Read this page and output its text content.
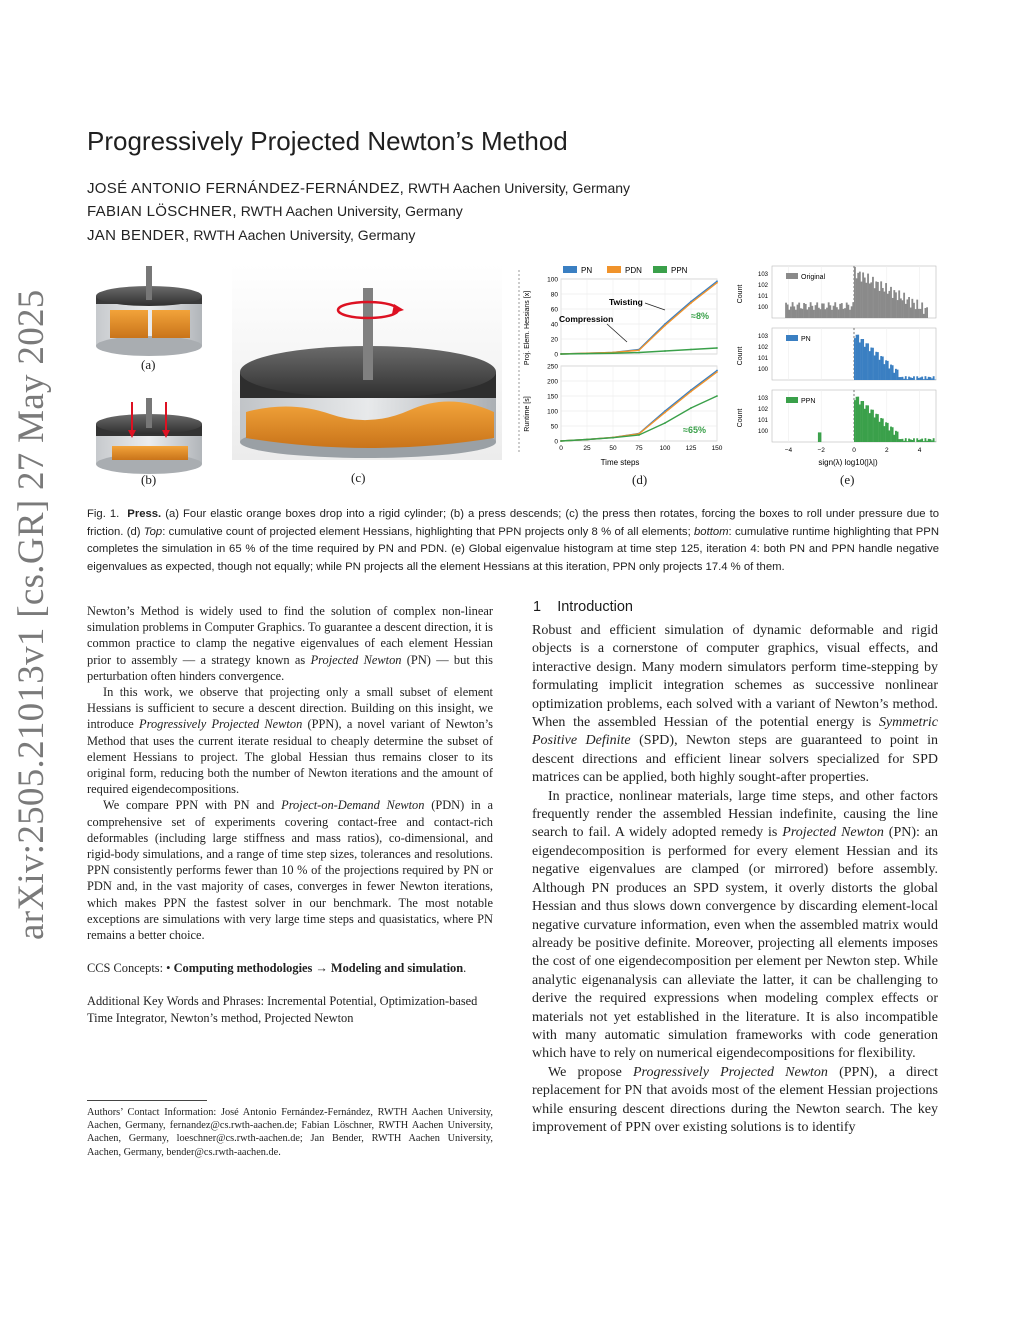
arXiv:2505.21013v1 [cs.GR] 27 May 2025
Progressively Projected Newton’s Method
JOSÉ ANTONIO FERNÁNDEZ-FERNÁNDEZ, RWTH Aachen University, Germany
FABIAN LÖSCHNER, RWTH Aachen University, Germany
JAN BENDER, RWTH Aachen University, Germany
(a)
(b)	(c)
PN	PDN	PPN
0
20
40
60
80
100
0
50
100
150
200
250
0	25	50	75	100 125 150
Time steps
Proj. Elem. Hessians [x]
Runtime [s]
Twisting
Compression	≈8%
≈65%
(d)
Original
103
102
101
100
Count
PN
103
102
101
100
Count
PPN
103
102
101
100
Count
−4	−2	0	2	4
sign(λ) log10(|λ|)
(e)
Fig. 1. Press. (a) Four elastic orange boxes drop into a rigid cylinder; (b) a press descends; (c) the press then rotates, forcing the boxes to roll under pressure due to friction. (d) Top: cumulative count of projected element Hessians, highlighting that PPN projects only 8 % of all elements; bottom: cumulative runtime highlighting that PPN completes the simulation in 65 % of the time required by PN and PDN. (e) Global eigenvalue histogram at time step 125, iteration 4: both PN and PPN handle negative eigenvalues as expected, though not equally; while PN projects all the element Hessians at this iteration, PPN only projects 17.4 % of them.

Newton’s Method is widely used to find the solution of complex non-linear simulation problems in Computer Graphics. To guarantee a descent direction, it is common practice to clamp the negative eigenvalues of each element Hessian prior to assembly — a strategy known as Projected Newton (PN) — but this perturbation often hinders convergence.

In this work, we observe that projecting only a small subset of element Hessians is sufficient to secure a descent direction. Building on this insight, we introduce Progressively Projected Newton (PPN), a novel variant of Newton’s Method that uses the current iterate residual to cheaply determine the subset of element Hessians to project. The global Hessian thus remains closer to its original form, reducing both the number of Newton iterations and the amount of required eigendecompositions.

We compare PPN with PN and Project-on-Demand Newton (PDN) in a comprehensive set of experiments covering contact-free and contact-rich deformables (including large stiffness and mass ratios), co-dimensional, and rigid-body simulations, and a range of time step sizes, tolerances and resolutions. PPN consistently performs fewer than 10 % of the projections required by PN or PDN and, in the vast majority of cases, converges in fewer Newton iterations, which makes PPN the fastest solver in our benchmark. The most notable exceptions are simulations with very large time steps and quasistatics, where PN remains a better choice.

CCS Concepts: • Computing methodologies → Modeling and simulation.

Additional Key Words and Phrases: Incremental Potential, Optimization-based Time Integrator, Newton’s method, Projected Newton

Authors’ Contact Information: José Antonio Fernández-Fernández, RWTH Aachen University, Aachen, Germany, fernandez@cs.rwth-aachen.de; Fabian Löschner, RWTH Aachen University, Aachen, Germany, loeschner@cs.rwth-aachen.de; Jan Bender, RWTH Aachen University, Aachen, Germany, bender@cs.rwth-aachen.de.
1 Introduction

Robust and efficient simulation of dynamic deformable and rigid objects is a cornerstone of computer graphics, visual effects, and interactive design. Many modern simulators perform time-stepping by formulating implicit integration schemes as successive nonlinear optimization problems, each solved with a variant of Newton’s method. When the assembled Hessian of the potential energy is Symmetric Positive Definite (SPD), Newton steps are guaranteed to point in descent directions and efficient linear solvers specialized for SPD matrices can be applied, both highly sought-after properties.

In practice, nonlinear materials, large time steps, and other factors frequently render the assembled Hessian indefinite, causing the line search to fail. A widely adopted remedy is Projected Newton (PN): an eigendecomposition is performed for every element Hessian and its negative eigenvalues are clamped (or mirrored) before assembly. Although PN produces an SPD system, it overly distorts the global Hessian and thus slows down convergence by discarding element-local negative curvature information, even when the assembled matrix would already be positive definite. Moreover, projecting all elements imposes the cost of one eigendecomposition per element per Newton step. While analytic eigenanalysis can alleviate the latter, it can be challenging to derive the required expressions when modeling complex effects or materials not yet established in the literature. It is also incompatible with many automatic simulation frameworks with code generation which have to rely on numerical eigendecompositions for flexibility.

We propose Progressively Projected Newton (PPN), a direct replacement for PN that avoids most of the element Hessian projections while ensuring descent directions during the Newton search. The key improvement of PPN over existing solutions is to identify
